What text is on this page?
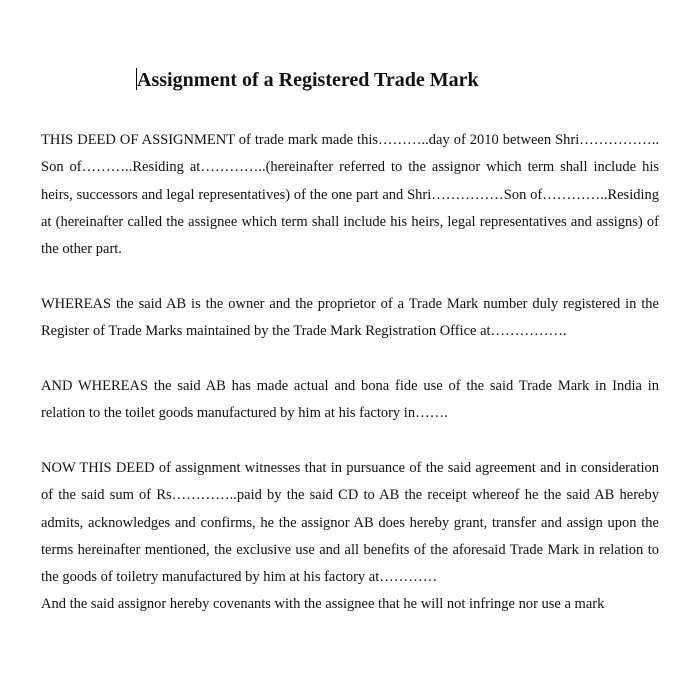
Assignment of a Registered Trade Mark

THIS DEED OF ASSIGNMENT of trade mark made this………..day of 2010 between Shri…………….. Son of………..Residing at…………..(hereinafter referred to the assignor which term shall include his heirs, successors and legal representatives) of the one part and Shri……………Son of…………..Residing at (hereinafter called the assignee which term shall include his heirs, legal representatives and assigns) of the other part.

WHEREAS the said AB is the owner and the proprietor of a Trade Mark number duly registered in the Register of Trade Marks maintained by the Trade Mark Registration Office at…………….

AND WHEREAS the said AB has made actual and bona fide use of the said Trade Mark in India in relation to the toilet goods manufactured by him at his factory in…….

NOW THIS DEED of assignment witnesses that in pursuance of the said agreement and in consideration of the said sum of Rs…………..paid by the said CD to AB the receipt whereof he the said AB hereby admits, acknowledges and confirms, he the assignor AB does hereby grant, transfer and assign upon the terms hereinafter mentioned, the exclusive use and all benefits of the aforesaid Trade Mark in relation to the goods of toiletry manufactured by him at his factory at…………

And the said assignor hereby covenants with the assignee that he will not infringe nor use a mark
